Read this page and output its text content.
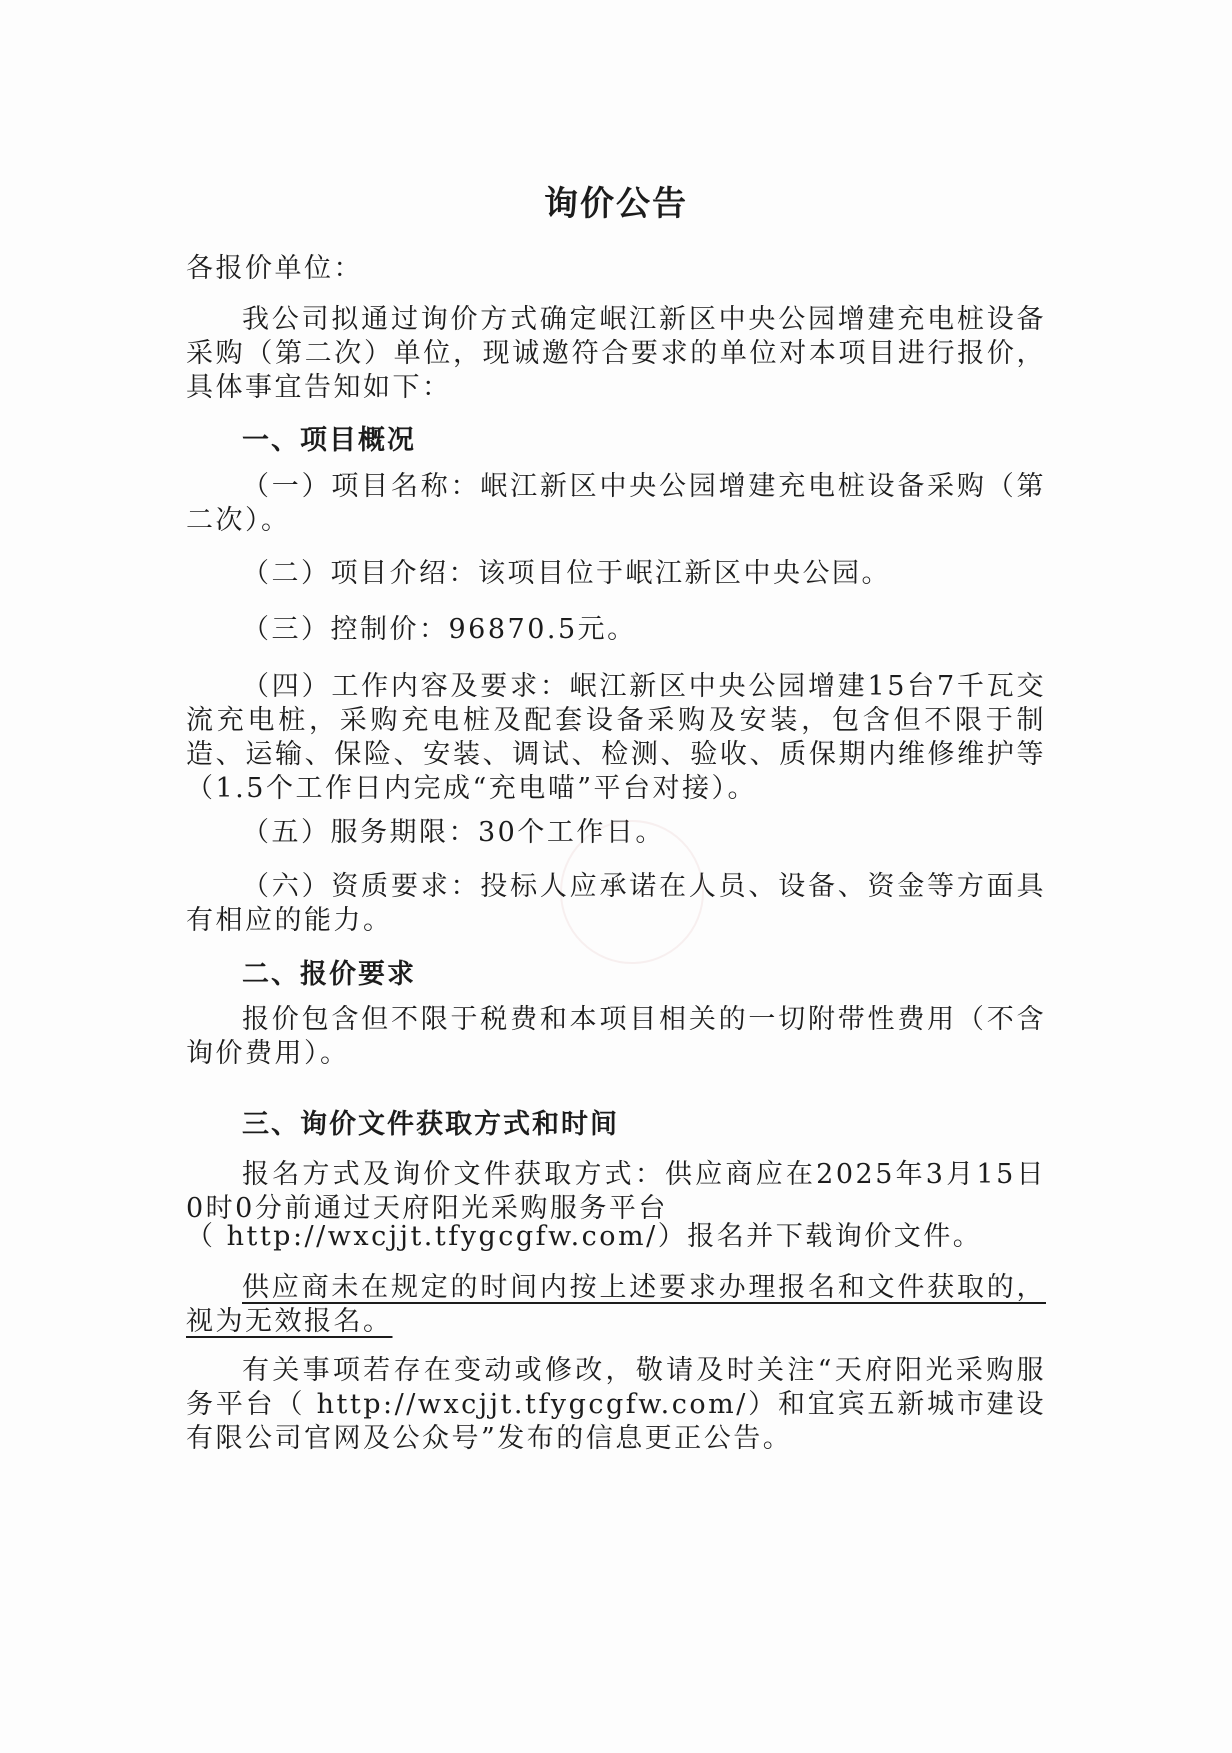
询价公告

各报价单位：

我公司拟通过询价方式确定岷江新区中央公园增建充电桩设备采购（第二次）单位，现诚邀符合要求的单位对本项目进行报价，具体事宜告知如下：

一、项目概况

（一）项目名称：岷江新区中央公园增建充电桩设备采购（第二次）。

（二）项目介绍：该项目位于岷江新区中央公园。

（三）控制价：96870.5元。

（四）工作内容及要求：岷江新区中央公园增建15台7千瓦交流充电桩，采购充电桩及配套设备采购及安装，包含但不限于制造、运输、保险、安装、调试、检测、验收、质保期内维修维护等（1.5个工作日内完成“充电喵”平台对接）。

（五）服务期限：30个工作日。

（六）资质要求：投标人应承诺在人员、设备、资金等方面具有相应的能力。

二、报价要求

报价包含但不限于税费和本项目相关的一切附带性费用（不含询价费用）。

三、询价文件获取方式和时间

报名方式及询价文件获取方式：供应商应在2025年3月15日0时0分前通过天府阳光采购服务平台

（ http://wxcjjt.tfygcgfw.com/）报名并下载询价文件。

供应商未在规定的时间内按上述要求办理报名和文件获取的，视为无效报名。

有关事项若存在变动或修改，敬请及时关注“天府阳光采购服务平台（ http://wxcjjt.tfygcgfw.com/）和宜宾五新城市建设有限公司官网及公众号”发布的信息更正公告。
